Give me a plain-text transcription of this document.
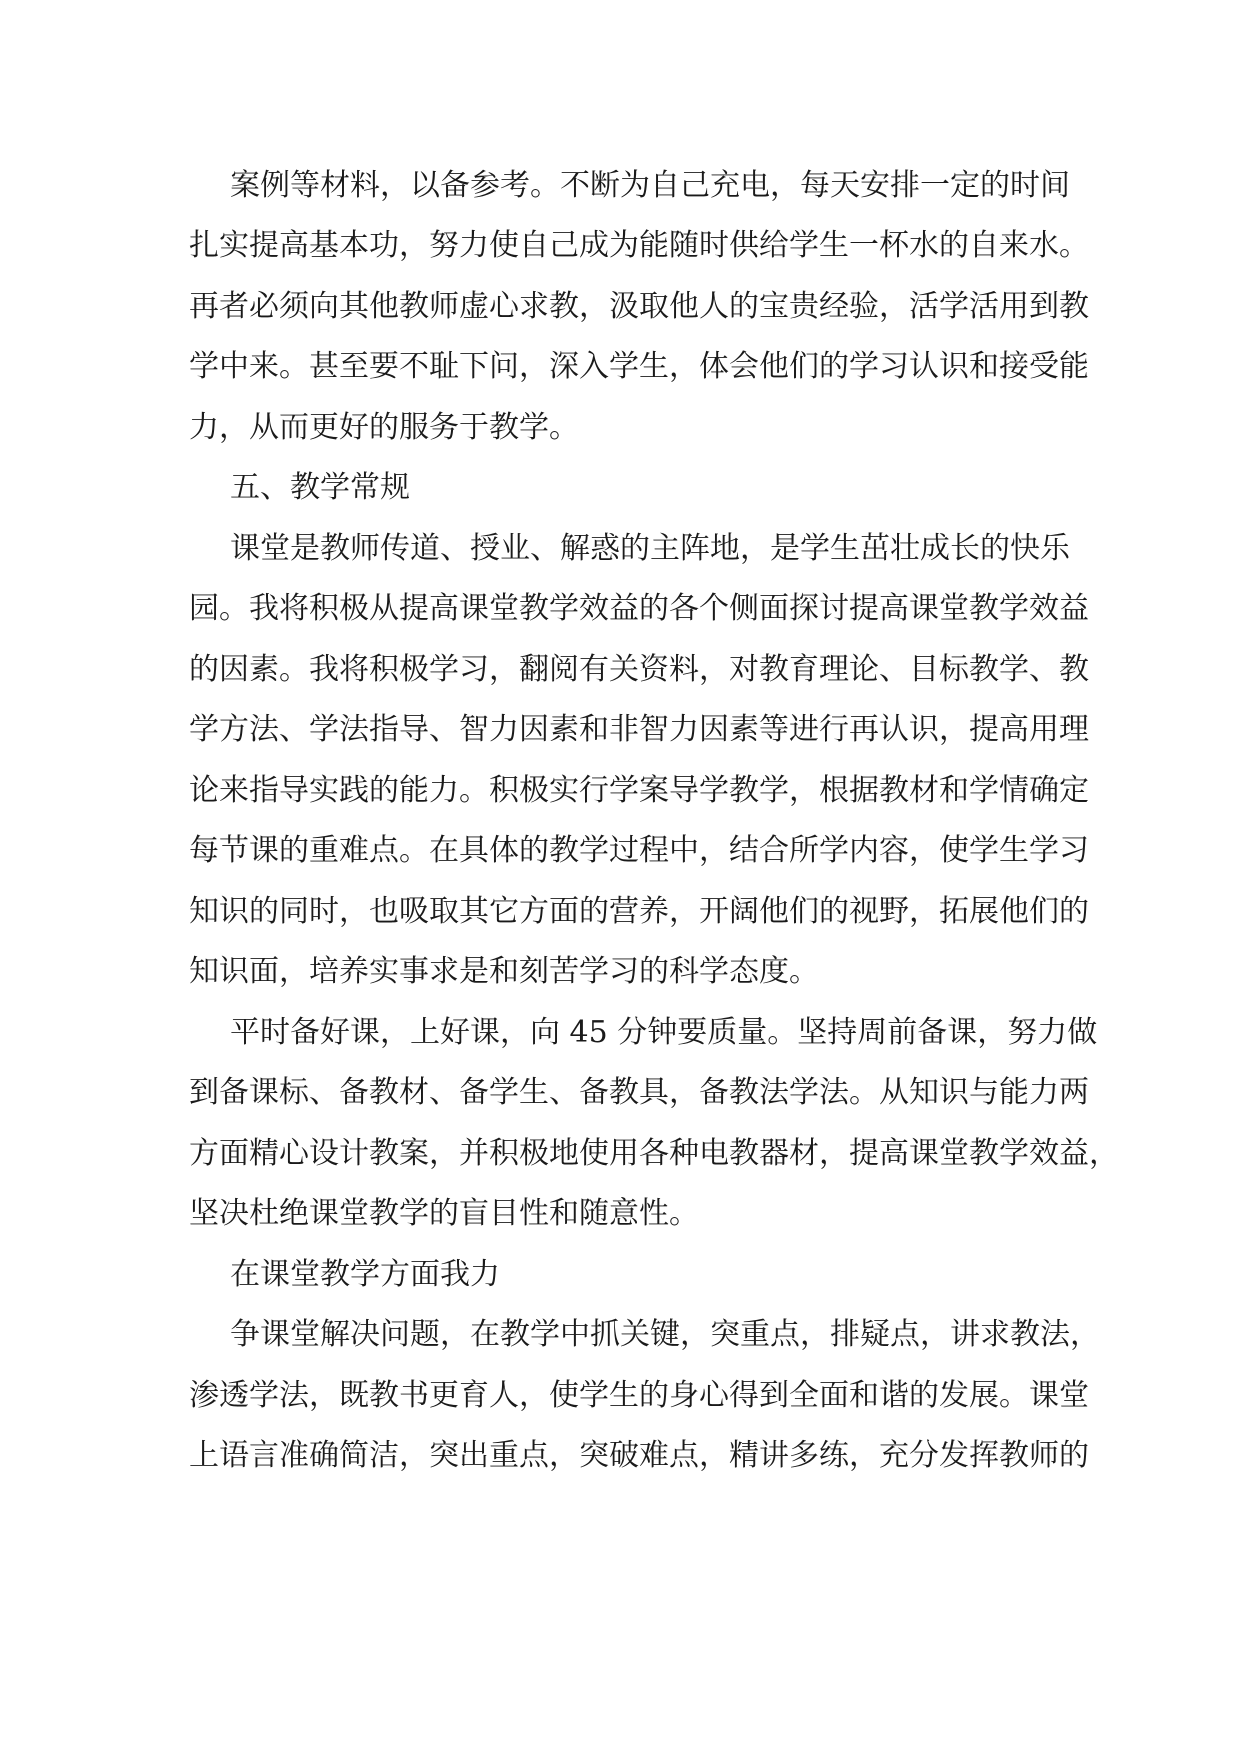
案例等材料，以备参考。不断为自己充电，每天安排一定的时间
扎实提高基本功，努力使自己成为能随时供给学生一杯水的自来水。
再者必须向其他教师虚心求教，汲取他人的宝贵经验，活学活用到教
学中来。甚至要不耻下问，深入学生，体会他们的学习认识和接受能
力，从而更好的服务于教学。
五、教学常规
课堂是教师传道、授业、解惑的主阵地，是学生茁壮成长的快乐
园。我将积极从提高课堂教学效益的各个侧面探讨提高课堂教学效益
的因素。我将积极学习，翻阅有关资料，对教育理论、目标教学、教
学方法、学法指导、智力因素和非智力因素等进行再认识，提高用理
论来指导实践的能力。积极实行学案导学教学，根据教材和学情确定
每节课的重难点。在具体的教学过程中，结合所学内容，使学生学习
知识的同时，也吸取其它方面的营养，开阔他们的视野，拓展他们的
知识面，培养实事求是和刻苦学习的科学态度。
平时备好课，上好课，向 45 分钟要质量。坚持周前备课，努力做
到备课标、备教材、备学生、备教具，备教法学法。从知识与能力两
方面精心设计教案，并积极地使用各种电教器材，提高课堂教学效益，
坚决杜绝课堂教学的盲目性和随意性。
在课堂教学方面我力
争课堂解决问题，在教学中抓关键，突重点，排疑点，讲求教法，
渗透学法，既教书更育人，使学生的身心得到全面和谐的发展。课堂
上语言准确简洁，突出重点，突破难点，精讲多练，充分发挥教师的
